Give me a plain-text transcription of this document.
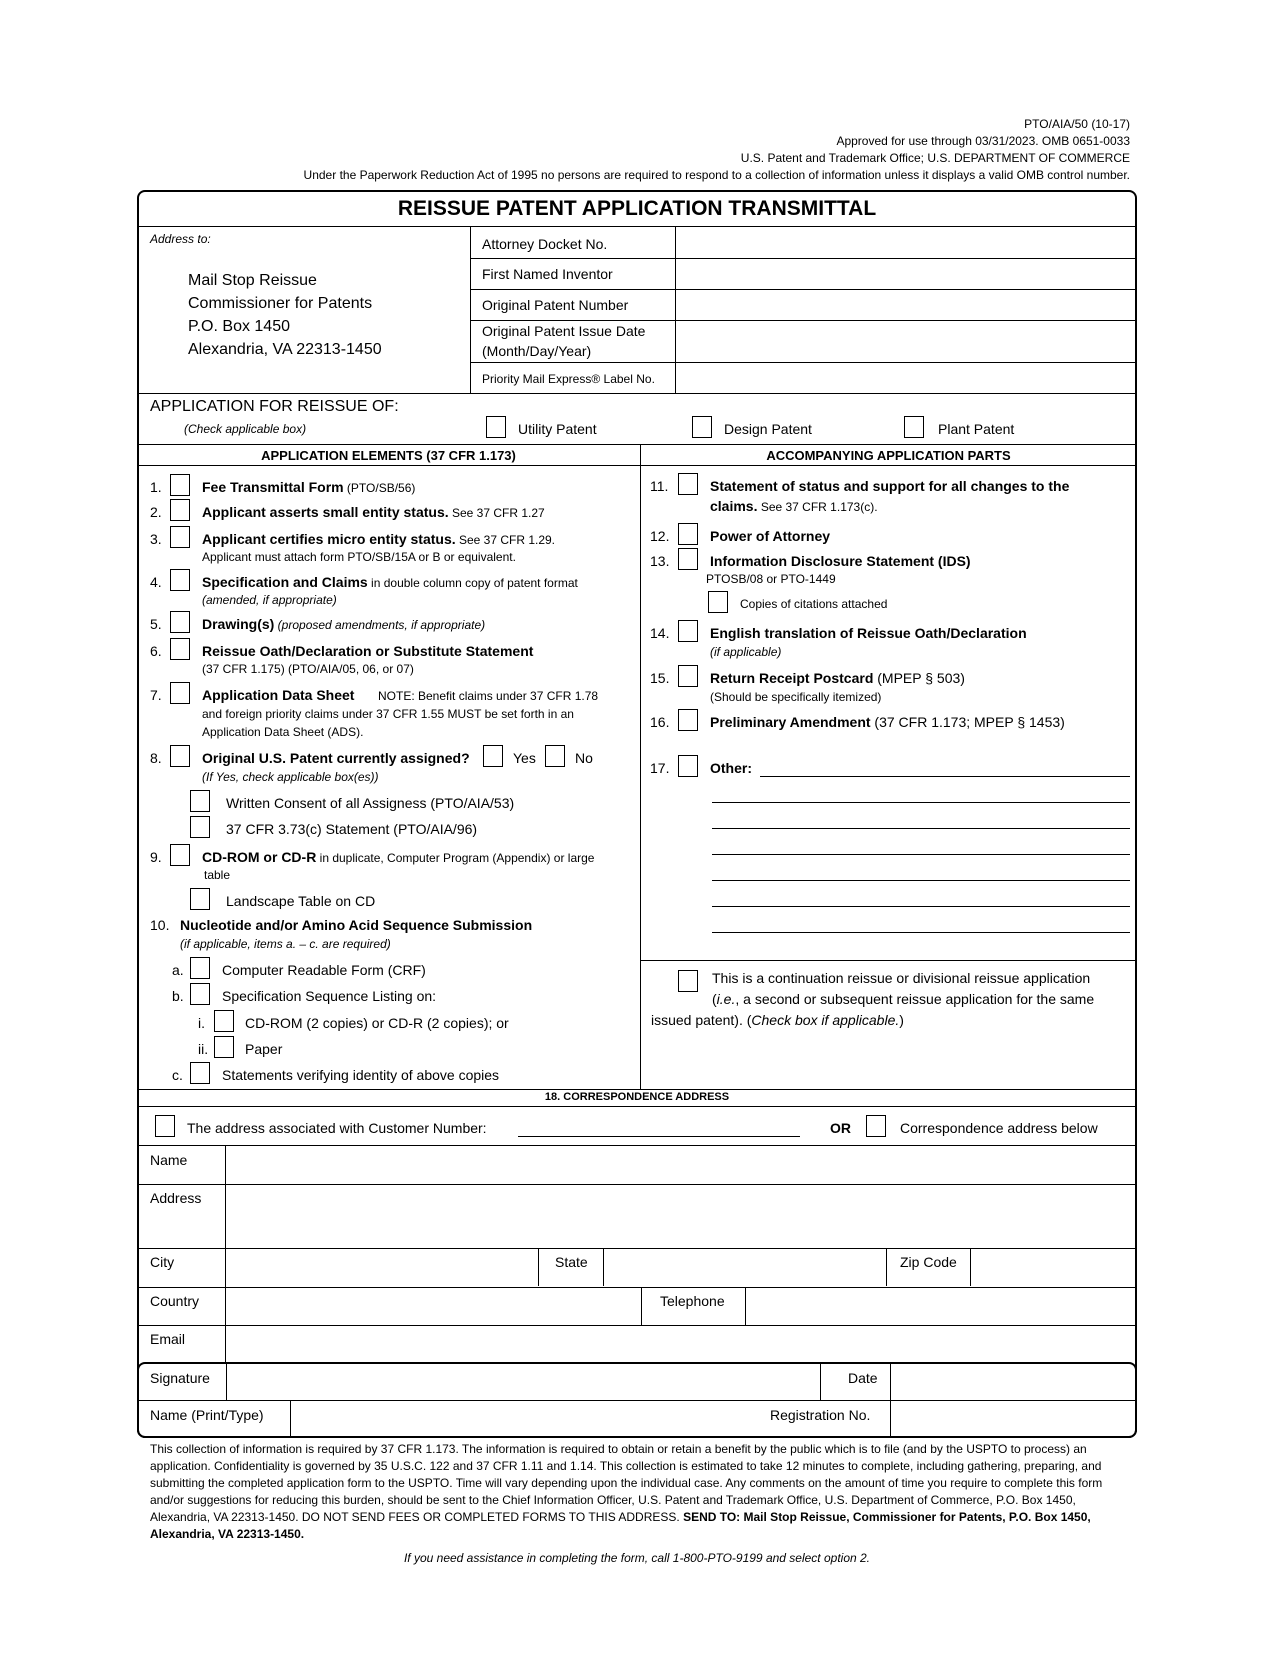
PTO/AIA/50 (10-17)
Approved for use through 03/31/2023. OMB 0651-0033
U.S. Patent and Trademark Office; U.S. DEPARTMENT OF COMMERCE
Under the Paperwork Reduction Act of 1995 no persons are required to respond to a collection of information unless it displays a valid OMB control number.
REISSUE PATENT APPLICATION TRANSMITTAL
Address to:
Mail Stop Reissue
Commissioner for Patents
P.O. Box 1450
Alexandria, VA 22313-1450
Attorney Docket No.
First Named Inventor
Original Patent Number
Original Patent Issue Date
(Month/Day/Year)
Priority Mail Express® Label No.
APPLICATION FOR REISSUE OF:
(Check applicable box)	Utility Patent	Design Patent	Plant Patent
APPLICATION ELEMENTS (37 CFR 1.173)	ACCOMPANYING APPLICATION PARTS
1.	Fee Transmittal Form (PTO/SB/56)
2.	Applicant asserts small entity status. See 37 CFR 1.27
3.	Applicant certifies micro entity status. See 37 CFR 1.29.
Applicant must attach form PTO/SB/15A or B or equivalent.
4.	Specification and Claims in double column copy of patent format
(amended, if appropriate)
5.	Drawing(s) (proposed amendments, if appropriate)
6.	Reissue Oath/Declaration or Substitute Statement
(37 CFR 1.175) (PTO/AIA/05, 06, or 07)
7.	Application Data Sheet NOTE: Benefit claims under 37 CFR 1.78
and foreign priority claims under 37 CFR 1.55 MUST be set forth in an
Application Data Sheet (ADS).
8.	Original U.S. Patent currently assigned?	Yes	No
(If Yes, check applicable box(es))
Written Consent of all Assigness (PTO/AIA/53)
37 CFR 3.73(c) Statement (PTO/AIA/96)
9.	CD-ROM or CD-R in duplicate, Computer Program (Appendix) or large
table
Landscape Table on CD
10. Nucleotide and/or Amino Acid Sequence Submission
(if applicable, items a. – c. are required)
a.	Computer Readable Form (CRF)
b.	Specification Sequence Listing on:
i.	CD-ROM (2 copies) or CD-R (2 copies); or
ii.	Paper
c.	Statements verifying identity of above copies
11.	Statement of status and support for all changes to the
claims. See 37 CFR 1.173(c).
12.	Power of Attorney
13.	Information Disclosure Statement (IDS)
PTOSB/08 or PTO-1449
Copies of citations attached
14.	English translation of Reissue Oath/Declaration
(if applicable)
15.	Return Receipt Postcard (MPEP § 503)
(Should be specifically itemized)
16.	Preliminary Amendment (37 CFR 1.173; MPEP § 1453)
17.	Other:
This is a continuation reissue or divisional reissue application
(i.e., a second or subsequent reissue application for the same
issued patent). (Check box if applicable.)
18. CORRESPONDENCE ADDRESS
The address associated with Customer Number:	OR	Correspondence address below
Name
Address
City	State	Zip Code
Country	Telephone
Email
Signature	Date
Name (Print/Type)	Registration No.
This collection of information is required by 37 CFR 1.173. The information is required to obtain or retain a benefit by the public which is to file (and by the USPTO to process) an application. Confidentiality is governed by 35 U.S.C. 122 and 37 CFR 1.11 and 1.14. This collection is estimated to take 12 minutes to complete, including gathering, preparing, and submitting the completed application form to the USPTO. Time will vary depending upon the individual case. Any comments on the amount of time you require to complete this form and/or suggestions for reducing this burden, should be sent to the Chief Information Officer, U.S. Patent and Trademark Office, U.S. Department of Commerce, P.O. Box 1450, Alexandria, VA 22313-1450. DO NOT SEND FEES OR COMPLETED FORMS TO THIS ADDRESS. SEND TO: Mail Stop Reissue, Commissioner for Patents, P.O. Box 1450, Alexandria, VA 22313-1450.
If you need assistance in completing the form, call 1-800-PTO-9199 and select option 2.
